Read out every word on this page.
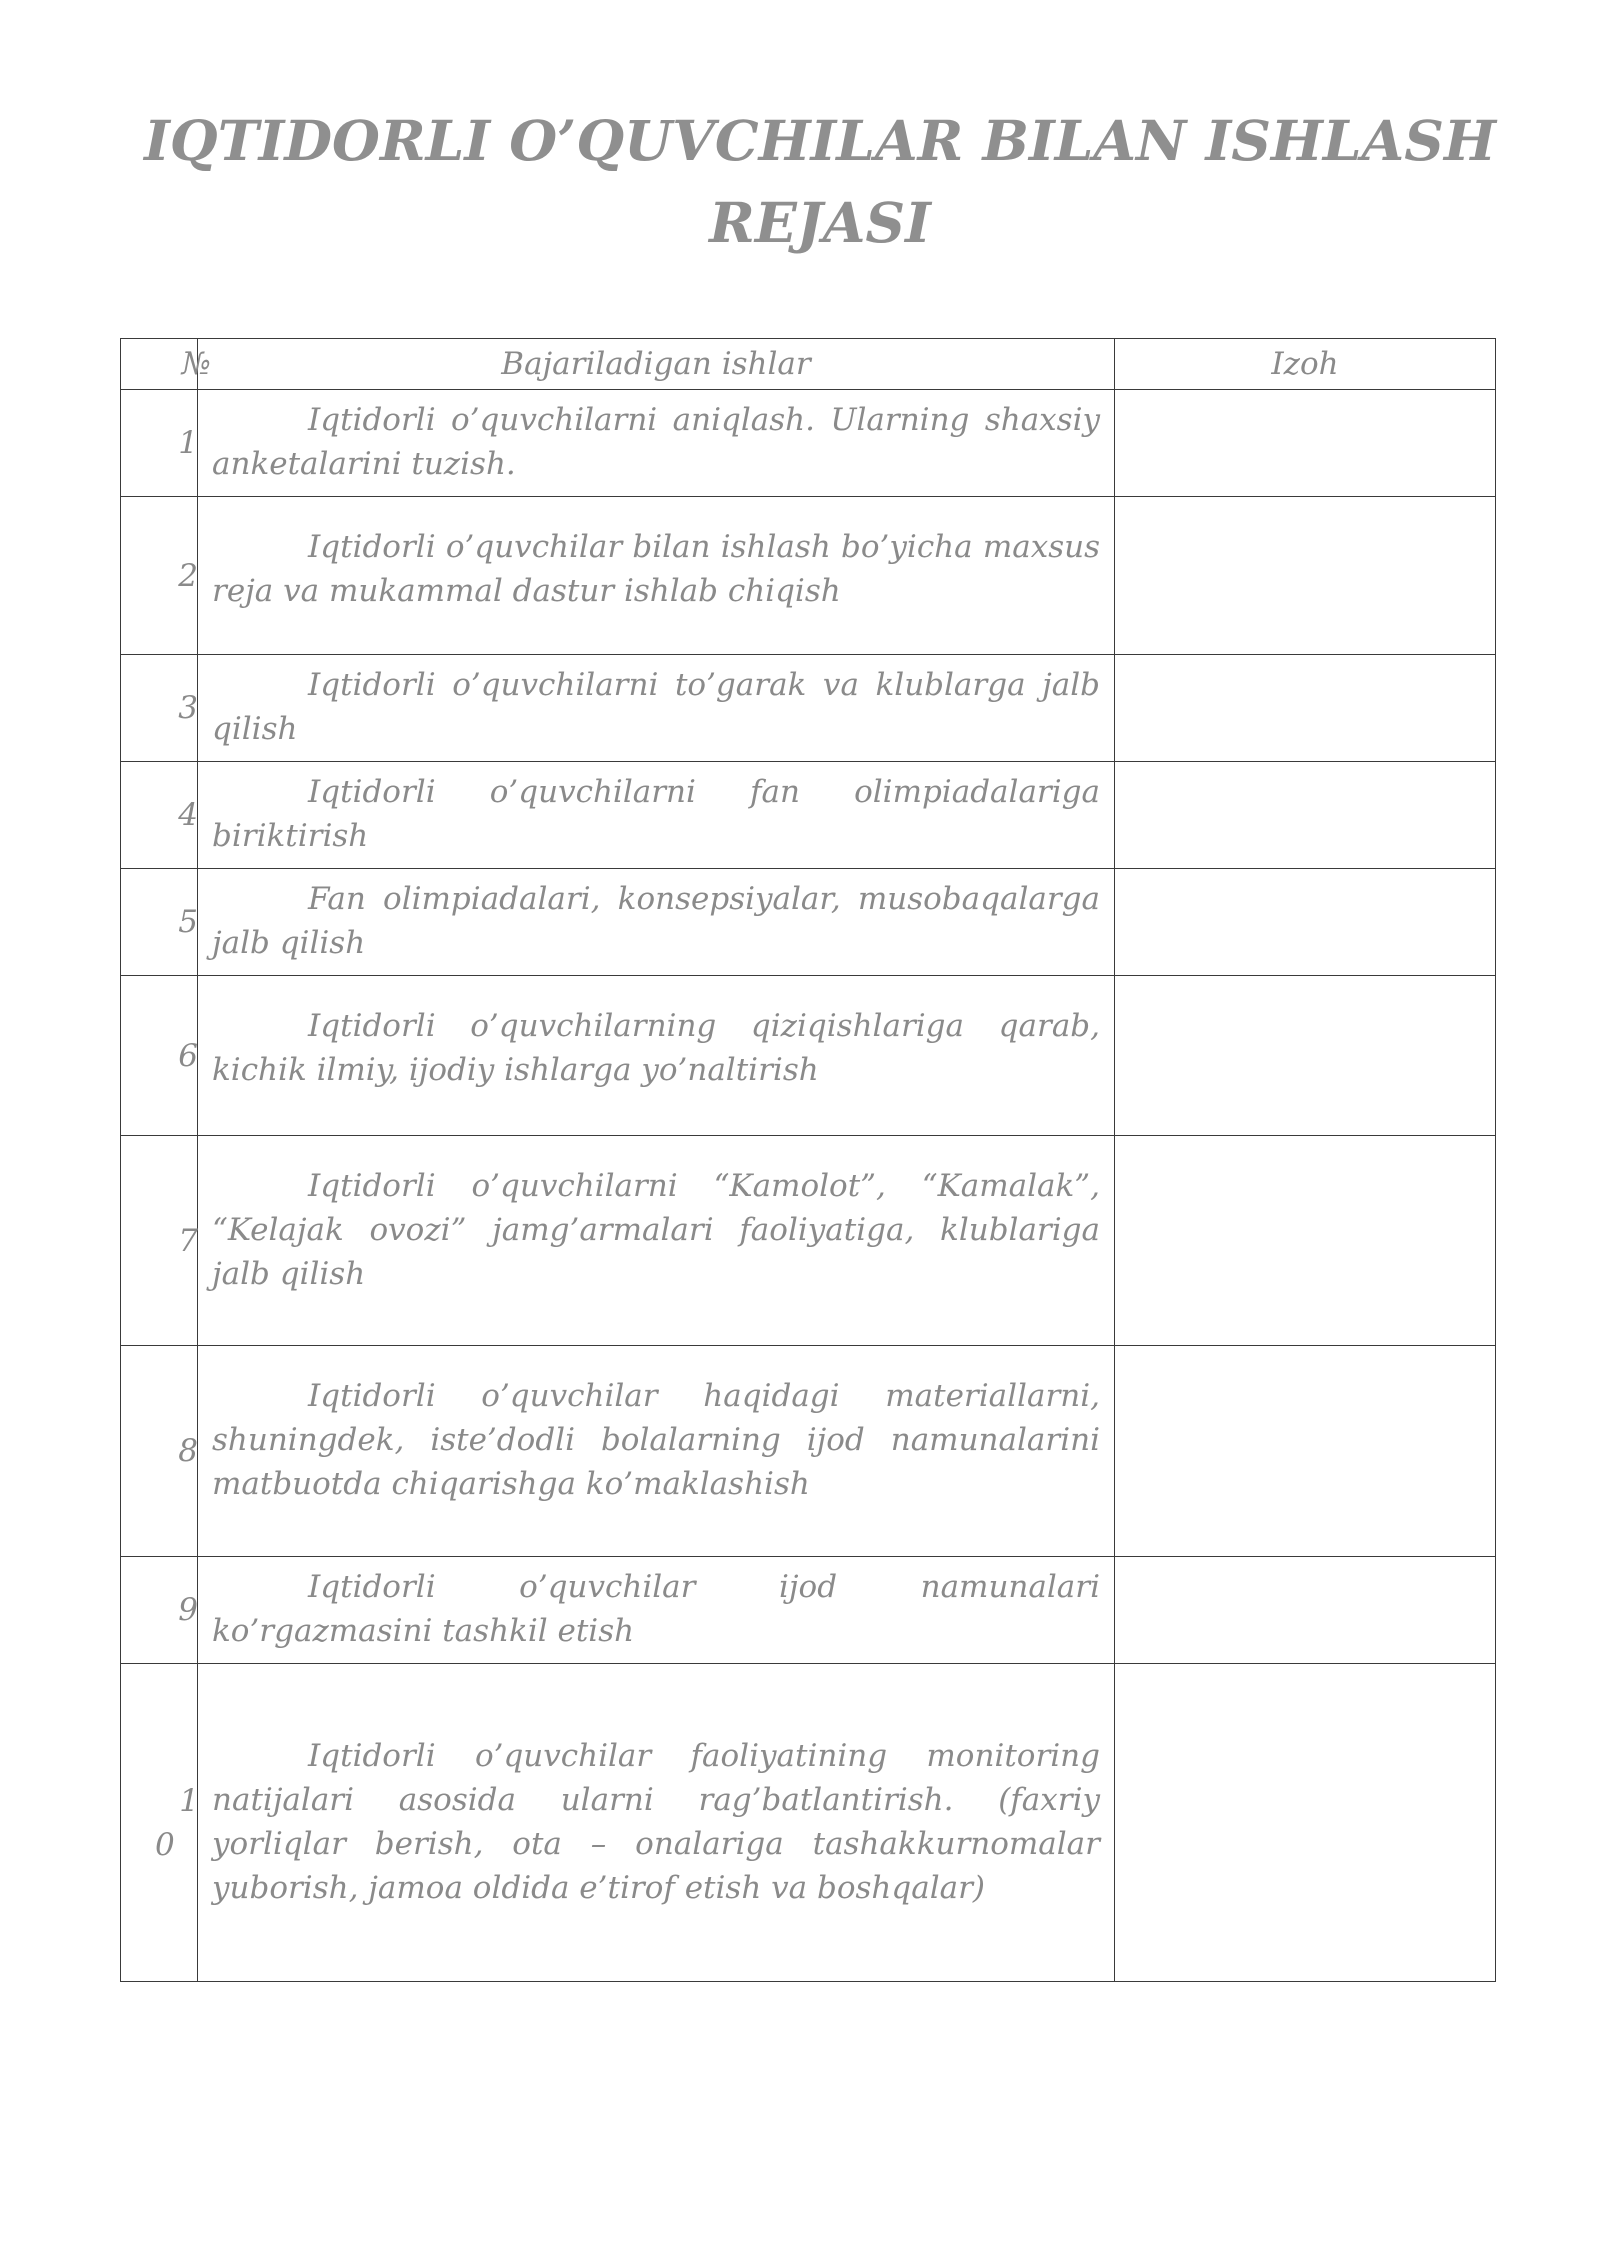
IQTIDORLI O’QUVCHILAR BILAN ISHLASH
REJASI
№	Bajariladigan ishlar	Izoh
1	Iqtidorli o’quvchilarni aniqlash. Ularning shaxsiy anketalarini tuzish.	
2	Iqtidorli o’quvchilar bilan ishlash bo’yicha maxsus reja va mukammal dastur ishlab chiqish	
3	Iqtidorli o’quvchilarni to’garak va klublarga jalb qilish	
4	Iqtidorli o’quvchilarni fan olimpiadalariga biriktirish	
5	Fan olimpiadalari, konsepsiyalar, musobaqalarga jalb qilish	
6	Iqtidorli o’quvchilarning qiziqishlariga qarab, kichik ilmiy, ijodiy ishlarga yo’naltirish	
7	Iqtidorli o’quvchilarni “Kamolot”, “Kamalak”, “Kelajak ovozi” jamg’armalari faoliyatiga, klublariga jalb qilish	
8	Iqtidorli o’quvchilar haqidagi materiallarni, shuningdek, iste’dodli bolalarning ijod namunalarini matbuotda chiqarishga ko’maklashish	
9	Iqtidorli o’quvchilar ijod namunalari ko’rgazmasini tashkil etish	

1
0	Iqtidorli o’quvchilar faoliyatining monitoring natijalari asosida ularni rag’batlantirish. (faxriy yorliqlar berish, ota – onalariga tashakkurnomalar yuborish, jamoa oldida e’tirof etish va boshqalar)	
